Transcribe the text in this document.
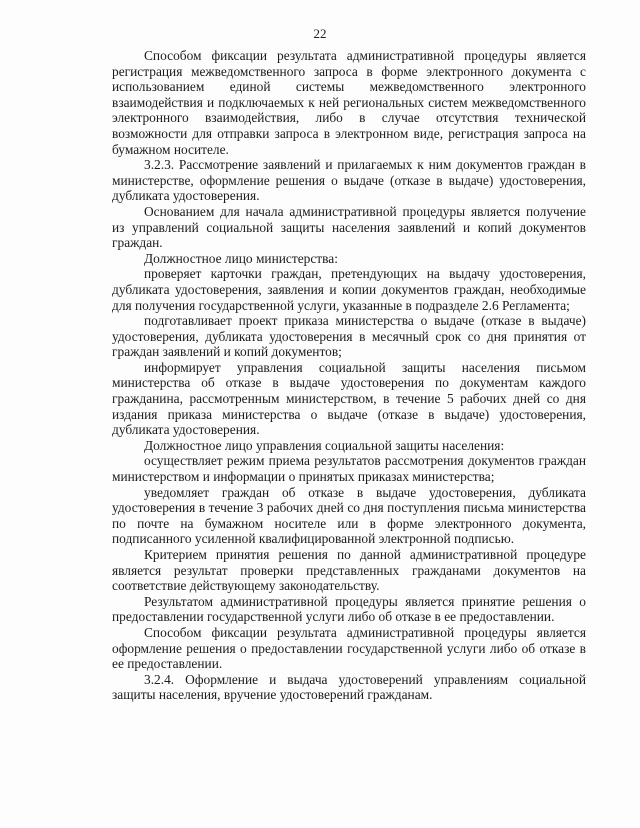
22

Способом фиксации результата административной процедуры является регистрация межведомственного запроса в форме электронного документа с использованием единой системы межведомственного электронного взаимодействия и подключаемых к ней региональных систем межведомственного электронного взаимодействия, либо в случае отсутствия технической возможности для отправки запроса в электронном виде, регистрация запроса на бумажном носителе.

3.2.3. Рассмотрение заявлений и прилагаемых к ним документов граждан в министерстве, оформление решения о выдаче (отказе в выдаче) удостоверения, дубликата удостоверения.

Основанием для начала административной процедуры является получение из управлений социальной защиты населения заявлений и копий документов граждан.

Должностное лицо министерства:

проверяет карточки граждан, претендующих на выдачу удостоверения, дубликата удостоверения, заявления и копии документов граждан, необходимые для получения государственной услуги, указанные в подразделе 2.6 Регламента;

подготавливает проект приказа министерства о выдаче (отказе в выдаче) удостоверения, дубликата удостоверения в месячный срок со дня принятия от граждан заявлений и копий документов;

информирует управления социальной защиты населения письмом министерства об отказе в выдаче удостоверения по документам каждого гражданина, рассмотренным министерством, в течение 5 рабочих дней со дня издания приказа министерства о выдаче (отказе в выдаче) удостоверения, дубликата удостоверения.

Должностное лицо управления социальной защиты населения:

осуществляет режим приема результатов рассмотрения документов граждан министерством и информации о принятых приказах министерства;

уведомляет граждан об отказе в выдаче удостоверения, дубликата удостоверения в течение 3 рабочих дней со дня поступления письма министерства по почте на бумажном носителе или в форме электронного документа, подписанного усиленной квалифицированной электронной подписью.

Критерием принятия решения по данной административной процедуре является результат проверки представленных гражданами документов на соответствие действующему законодательству.

Результатом административной процедуры является принятие решения о предоставлении государственной услуги либо об отказе в ее предоставлении.

Способом фиксации результата административной процедуры является оформление решения о предоставлении государственной услуги либо об отказе в ее предоставлении.

3.2.4. Оформление и выдача удостоверений управлениям социальной защиты населения, вручение удостоверений гражданам.
